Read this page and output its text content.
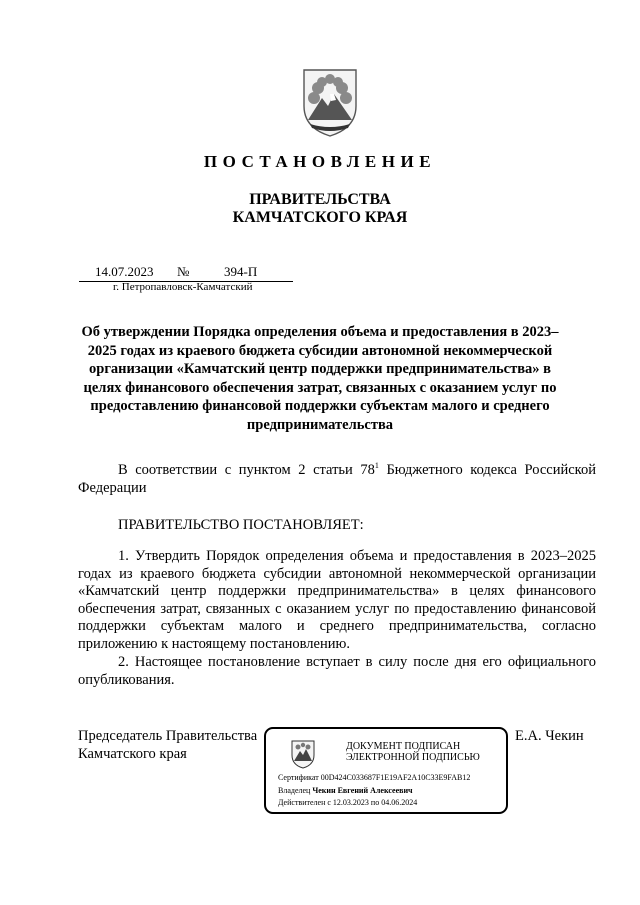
ПОСТАНОВЛЕНИЕ
ПРАВИТЕЛЬСТВА
КАМЧАТСКОГО КРАЯ
14.07.2023 №	394-П
г. Петропавловск-Камчатский
Об утверждении Порядка определения объема и предоставления в 2023–2025 годах из краевого бюджета субсидии автономной некоммерческой организации «Камчатский центр поддержки предпринимательства» в целях финансового обеспечения затрат, связанных с оказанием услуг по предоставлению финансовой поддержки субъектам малого и среднего предпринимательства
В соответствии с пунктом 2 статьи $78^1$ Бюджетного кодекса Российской
Федерации
ПРАВИТЕЛЬСТВО ПОСТАНОВЛЯЕТ:
1. Утвердить Порядок определения объема и предоставления в 2023–2025 годах из краевого бюджета субсидии автономной некоммерческой организации «Камчатский центр поддержки предпринимательства» в целях финансового обеспечения затрат, связанных с оказанием услуг по предоставлению финансовой поддержки субъектам малого и среднего предпринимательства, согласно приложению к настоящему постановлению.
2. Настоящее постановление вступает в силу после дня его официального опубликования.
Председатель Правительства
Камчатского края
Е.А. Чекин
ДОКУМЕНТ ПОДПИСАН
ЭЛЕКТРОННОЙ ПОДПИСЬЮ
Сертификат 00D424C033687F1E19AF2A10C33E9FAB12
Владелец Чекин Евгений Алексеевич
Действителен с 12.03.2023 по 04.06.2024
